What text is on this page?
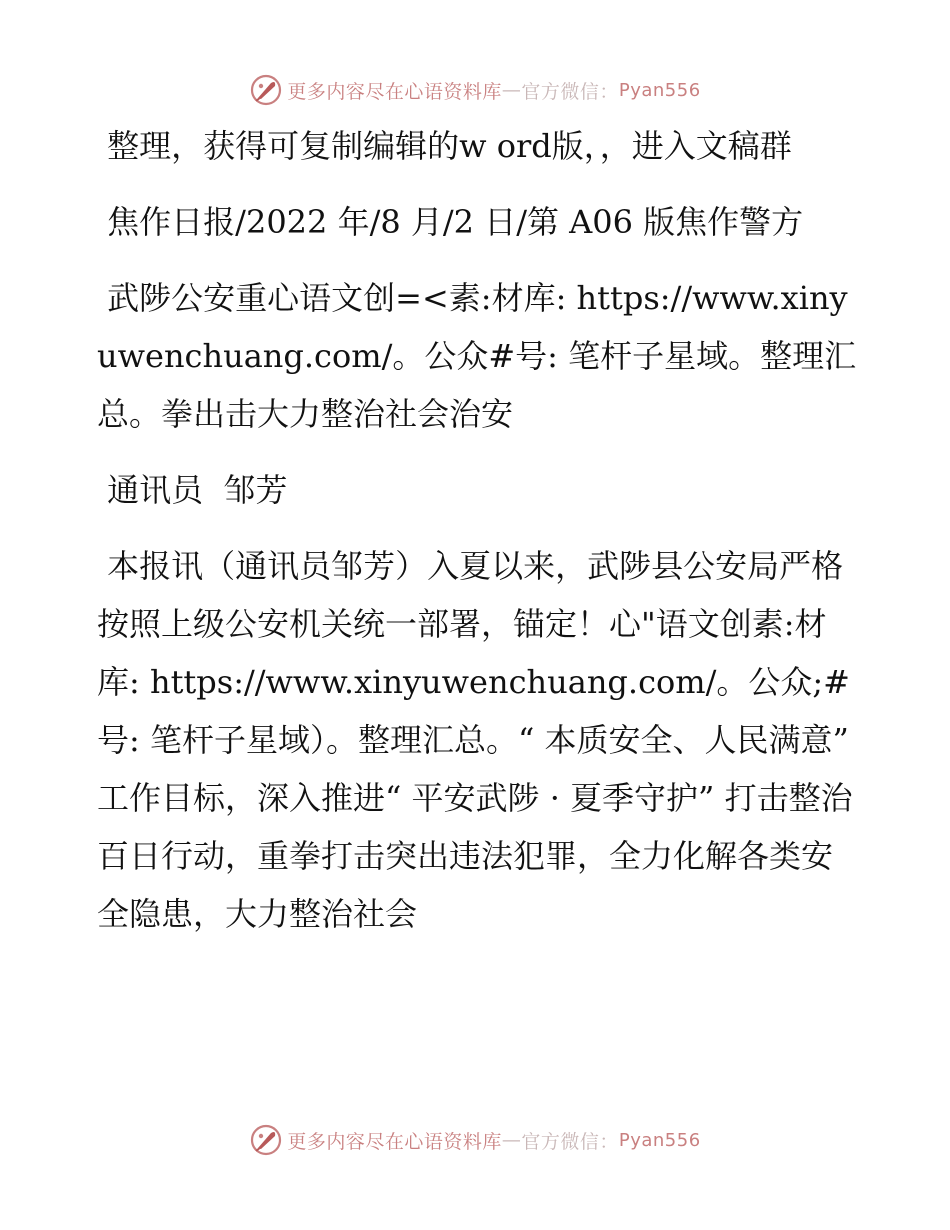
更多内容尽在心语资料库 — 官方微信： Pyan556

整理，获得可复制编辑的w ord版，，进入文稿群

焦作日报/2022 年/8 月/2 日/第 A06 版焦作警方

武陟公安重心语文创=<素:材库: https://www.xinyuwenchuang.com/。公众#号: 笔杆子星域。整理汇总。拳出击大力整治社会治安

通讯员  邹芳

本报讯（通讯员邹芳）入夏以来，武陟县公安局严格按照上级公安机关统一部署，锚定！心"语文创素:材库: https://www.xinyuwenchuang.com/。公众;#号: 笔杆子星域）。整理汇总。“ 本质安全、人民满意” 工作目标，深入推进“ 平安武陟 · 夏季守护” 打击整治百日行动，重拳打击突出违法犯罪，全力化解各类安全隐患，大力整治社会

更多内容尽在心语资料库 — 官方微信： Pyan556
